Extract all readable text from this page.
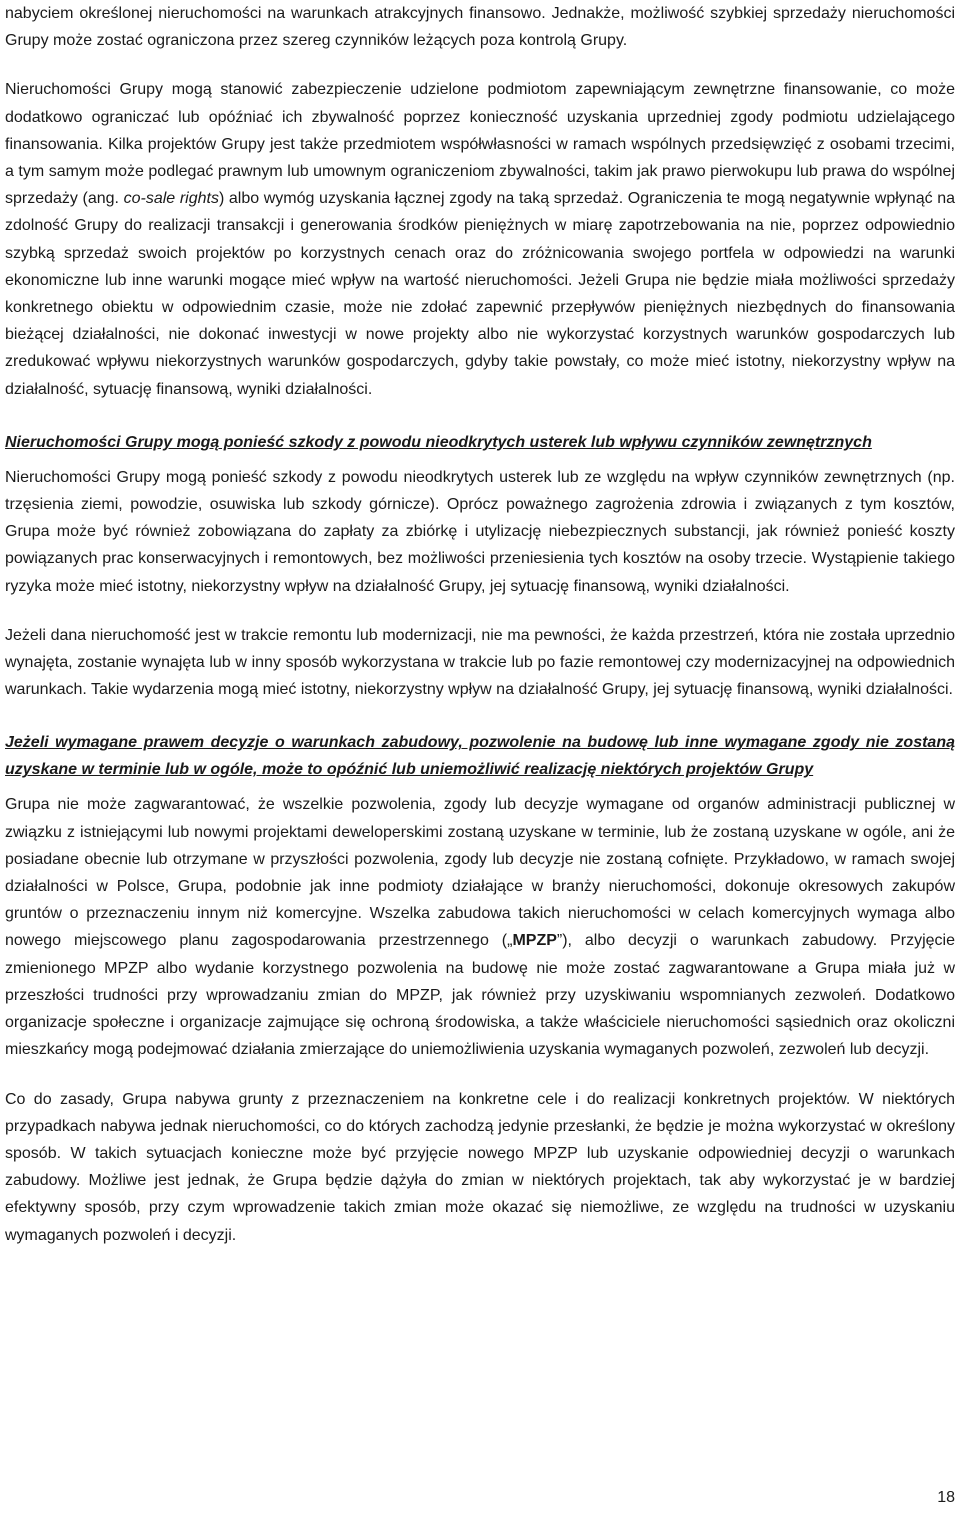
nabyciem określonej nieruchomości na warunkach atrakcyjnych finansowo. Jednakże, możliwość szybkiej sprzedaży nieruchomości Grupy może zostać ograniczona przez szereg czynników leżących poza kontrolą Grupy.

Nieruchomości Grupy mogą stanowić zabezpieczenie udzielone podmiotom zapewniającym zewnętrzne finansowanie, co może dodatkowo ograniczać lub opóźniać ich zbywalność poprzez konieczność uzyskania uprzedniej zgody podmiotu udzielającego finansowania. Kilka projektów Grupy jest także przedmiotem współwłasności w ramach wspólnych przedsięwzięć z osobami trzecimi, a tym samym może podlegać prawnym lub umownym ograniczeniom zbywalności, takim jak prawo pierwokupu lub prawa do wspólnej sprzedaży (ang. co-sale rights) albo wymóg uzyskania łącznej zgody na taką sprzedaż. Ograniczenia te mogą negatywnie wpłynąć na zdolność Grupy do realizacji transakcji i generowania środków pieniężnych w miarę zapotrzebowania na nie, poprzez odpowiednio szybką sprzedaż swoich projektów po korzystnych cenach oraz do zróżnicowania swojego portfela w odpowiedzi na warunki ekonomiczne lub inne warunki mogące mieć wpływ na wartość nieruchomości. Jeżeli Grupa nie będzie miała możliwości sprzedaży konkretnego obiektu w odpowiednim czasie, może nie zdołać zapewnić przepływów pieniężnych niezbędnych do finansowania bieżącej działalności, nie dokonać inwestycji w nowe projekty albo nie wykorzystać korzystnych warunków gospodarczych lub zredukować wpływu niekorzystnych warunków gospodarczych, gdyby takie powstały, co może mieć istotny, niekorzystny wpływ na działalność, sytuację finansową, wyniki działalności.

Nieruchomości Grupy mogą ponieść szkody z powodu nieodkrytych usterek lub wpływu czynników zewnętrznych

Nieruchomości Grupy mogą ponieść szkody z powodu nieodkrytych usterek lub ze względu na wpływ czynników zewnętrznych (np. trzęsienia ziemi, powodzie, osuwiska lub szkody górnicze). Oprócz poważnego zagrożenia zdrowia i związanych z tym kosztów, Grupa może być również zobowiązana do zapłaty za zbiórkę i utylizację niebezpiecznych substancji, jak również ponieść koszty powiązanych prac konserwacyjnych i remontowych, bez możliwości przeniesienia tych kosztów na osoby trzecie. Wystąpienie takiego ryzyka może mieć istotny, niekorzystny wpływ na działalność Grupy, jej sytuację finansową, wyniki działalności.

Jeżeli dana nieruchomość jest w trakcie remontu lub modernizacji, nie ma pewności, że każda przestrzeń, która nie została uprzednio wynajęta, zostanie wynajęta lub w inny sposób wykorzystana w trakcie lub po fazie remontowej czy modernizacyjnej na odpowiednich warunkach. Takie wydarzenia mogą mieć istotny, niekorzystny wpływ na działalność Grupy, jej sytuację finansową, wyniki działalności.

Jeżeli wymagane prawem decyzje o warunkach zabudowy, pozwolenie na budowę lub inne wymagane zgody nie zostaną uzyskane w terminie lub w ogóle, może to opóźnić lub uniemożliwić realizację niektórych projektów Grupy

Grupa nie może zagwarantować, że wszelkie pozwolenia, zgody lub decyzje wymagane od organów administracji publicznej w związku z istniejącymi lub nowymi projektami deweloperskimi zostaną uzyskane w terminie, lub że zostaną uzyskane w ogóle, ani że posiadane obecnie lub otrzymane w przyszłości pozwolenia, zgody lub decyzje nie zostaną cofnięte. Przykładowo, w ramach swojej działalności w Polsce, Grupa, podobnie jak inne podmioty działające w branży nieruchomości, dokonuje okresowych zakupów gruntów o przeznaczeniu innym niż komercyjne. Wszelka zabudowa takich nieruchomości w celach komercyjnych wymaga albo nowego miejscowego planu zagospodarowania przestrzennego („MPZP”), albo decyzji o warunkach zabudowy. Przyjęcie zmienionego MPZP albo wydanie korzystnego pozwolenia na budowę nie może zostać zagwarantowane a Grupa miała już w przeszłości trudności przy wprowadzaniu zmian do MPZP, jak również przy uzyskiwaniu wspomnianych zezwoleń. Dodatkowo organizacje społeczne i organizacje zajmujące się ochroną środowiska, a także właściciele nieruchomości sąsiednich oraz okoliczni mieszkańcy mogą podejmować działania zmierzające do uniemożliwienia uzyskania wymaganych pozwoleń, zezwoleń lub decyzji.

Co do zasady, Grupa nabywa grunty z przeznaczeniem na konkretne cele i do realizacji konkretnych projektów. W niektórych przypadkach nabywa jednak nieruchomości, co do których zachodzą jedynie przesłanki, że będzie je można wykorzystać w określony sposób. W takich sytuacjach konieczne może być przyjęcie nowego MPZP lub uzyskanie odpowiedniej decyzji o warunkach zabudowy. Możliwe jest jednak, że Grupa będzie dążyła do zmian w niektórych projektach, tak aby wykorzystać je w bardziej efektywny sposób, przy czym wprowadzenie takich zmian może okazać się niemożliwe, ze względu na trudności w uzyskaniu wymaganych pozwoleń i decyzji.

18
